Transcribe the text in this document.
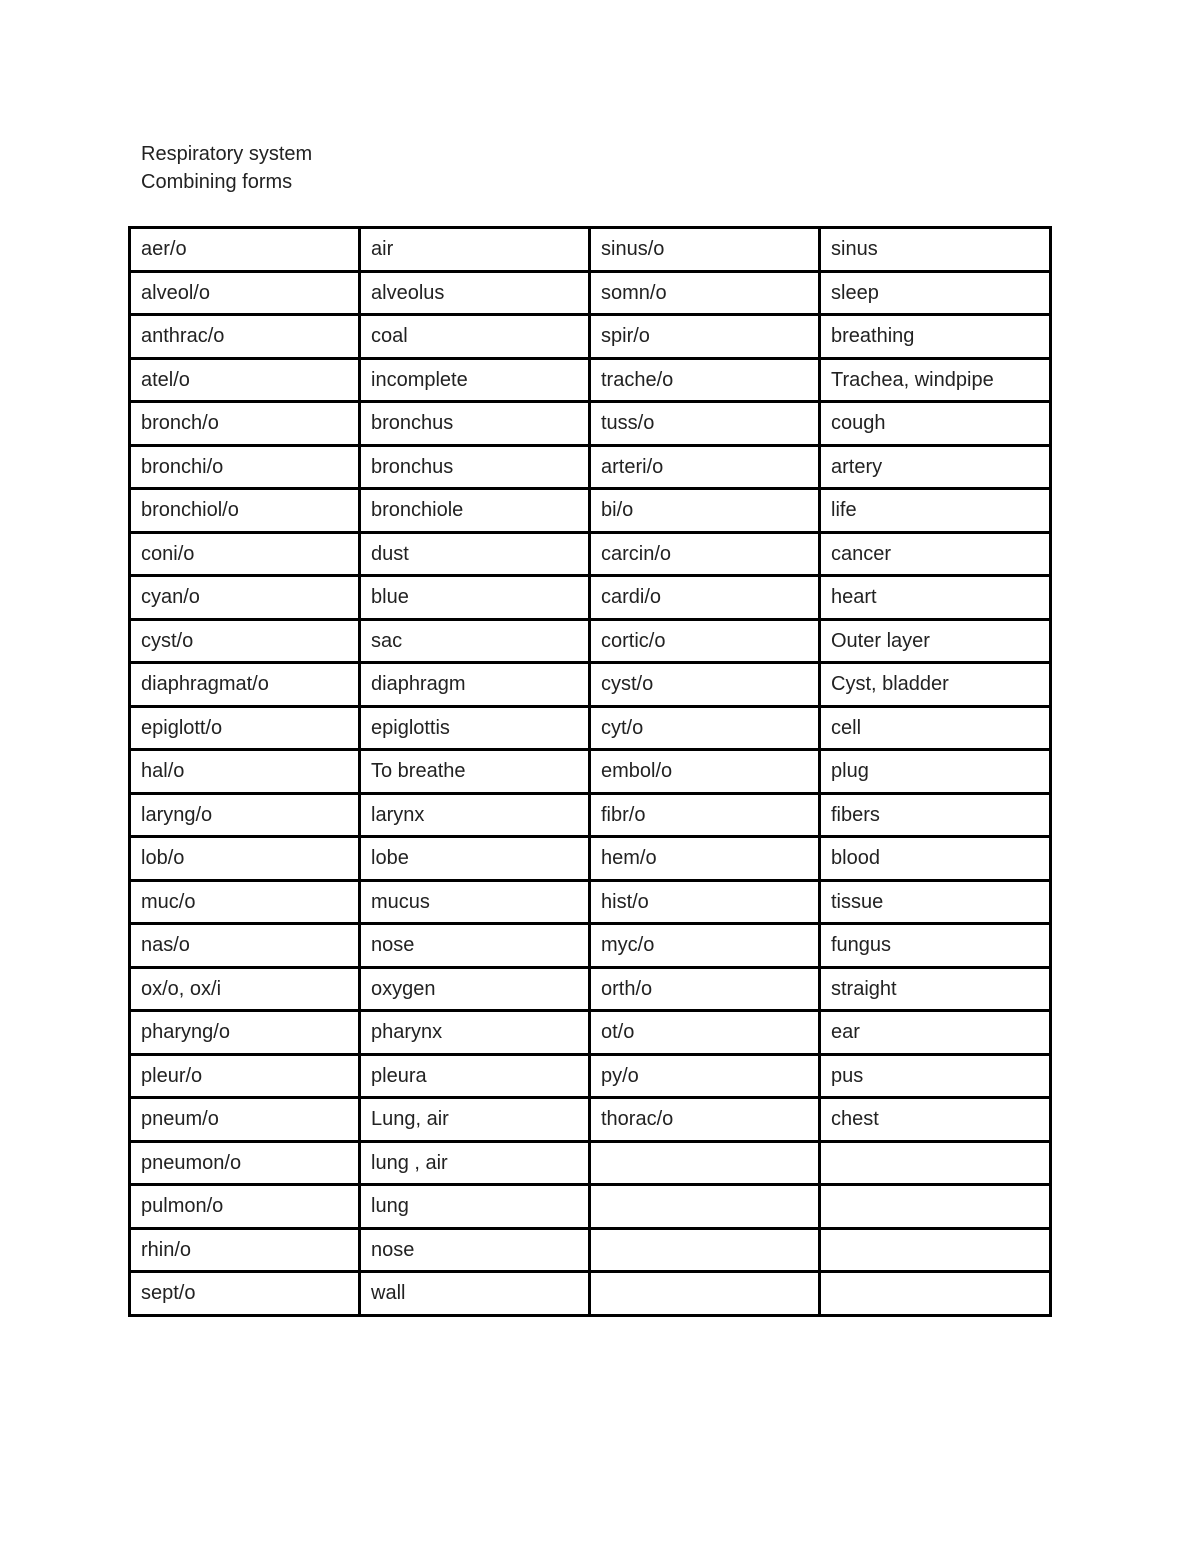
Respiratory system
Combining forms
aer/o	air	sinus/o	sinus
alveol/o	alveolus	somn/o	sleep
anthrac/o	coal	spir/o	breathing
atel/o	incomplete	trache/o	Trachea, windpipe
bronch/o	bronchus	tuss/o	cough
bronchi/o	bronchus	arteri/o	artery
bronchiol/o	bronchiole	bi/o	life
coni/o	dust	carcin/o	cancer
cyan/o	blue	cardi/o	heart
cyst/o	sac	cortic/o	Outer layer
diaphragmat/o	diaphragm	cyst/o	Cyst, bladder
epiglott/o	epiglottis	cyt/o	cell
hal/o	To breathe	embol/o	plug
laryng/o	larynx	fibr/o	fibers
lob/o	lobe	hem/o	blood
muc/o	mucus	hist/o	tissue
nas/o	nose	myc/o	fungus
ox/o, ox/i	oxygen	orth/o	straight
pharyng/o	pharynx	ot/o	ear
pleur/o	pleura	py/o	pus
pneum/o	Lung, air	thorac/o	chest
pneumon/o	lung , air		
pulmon/o	lung		
rhin/o	nose		
sept/o	wall		
